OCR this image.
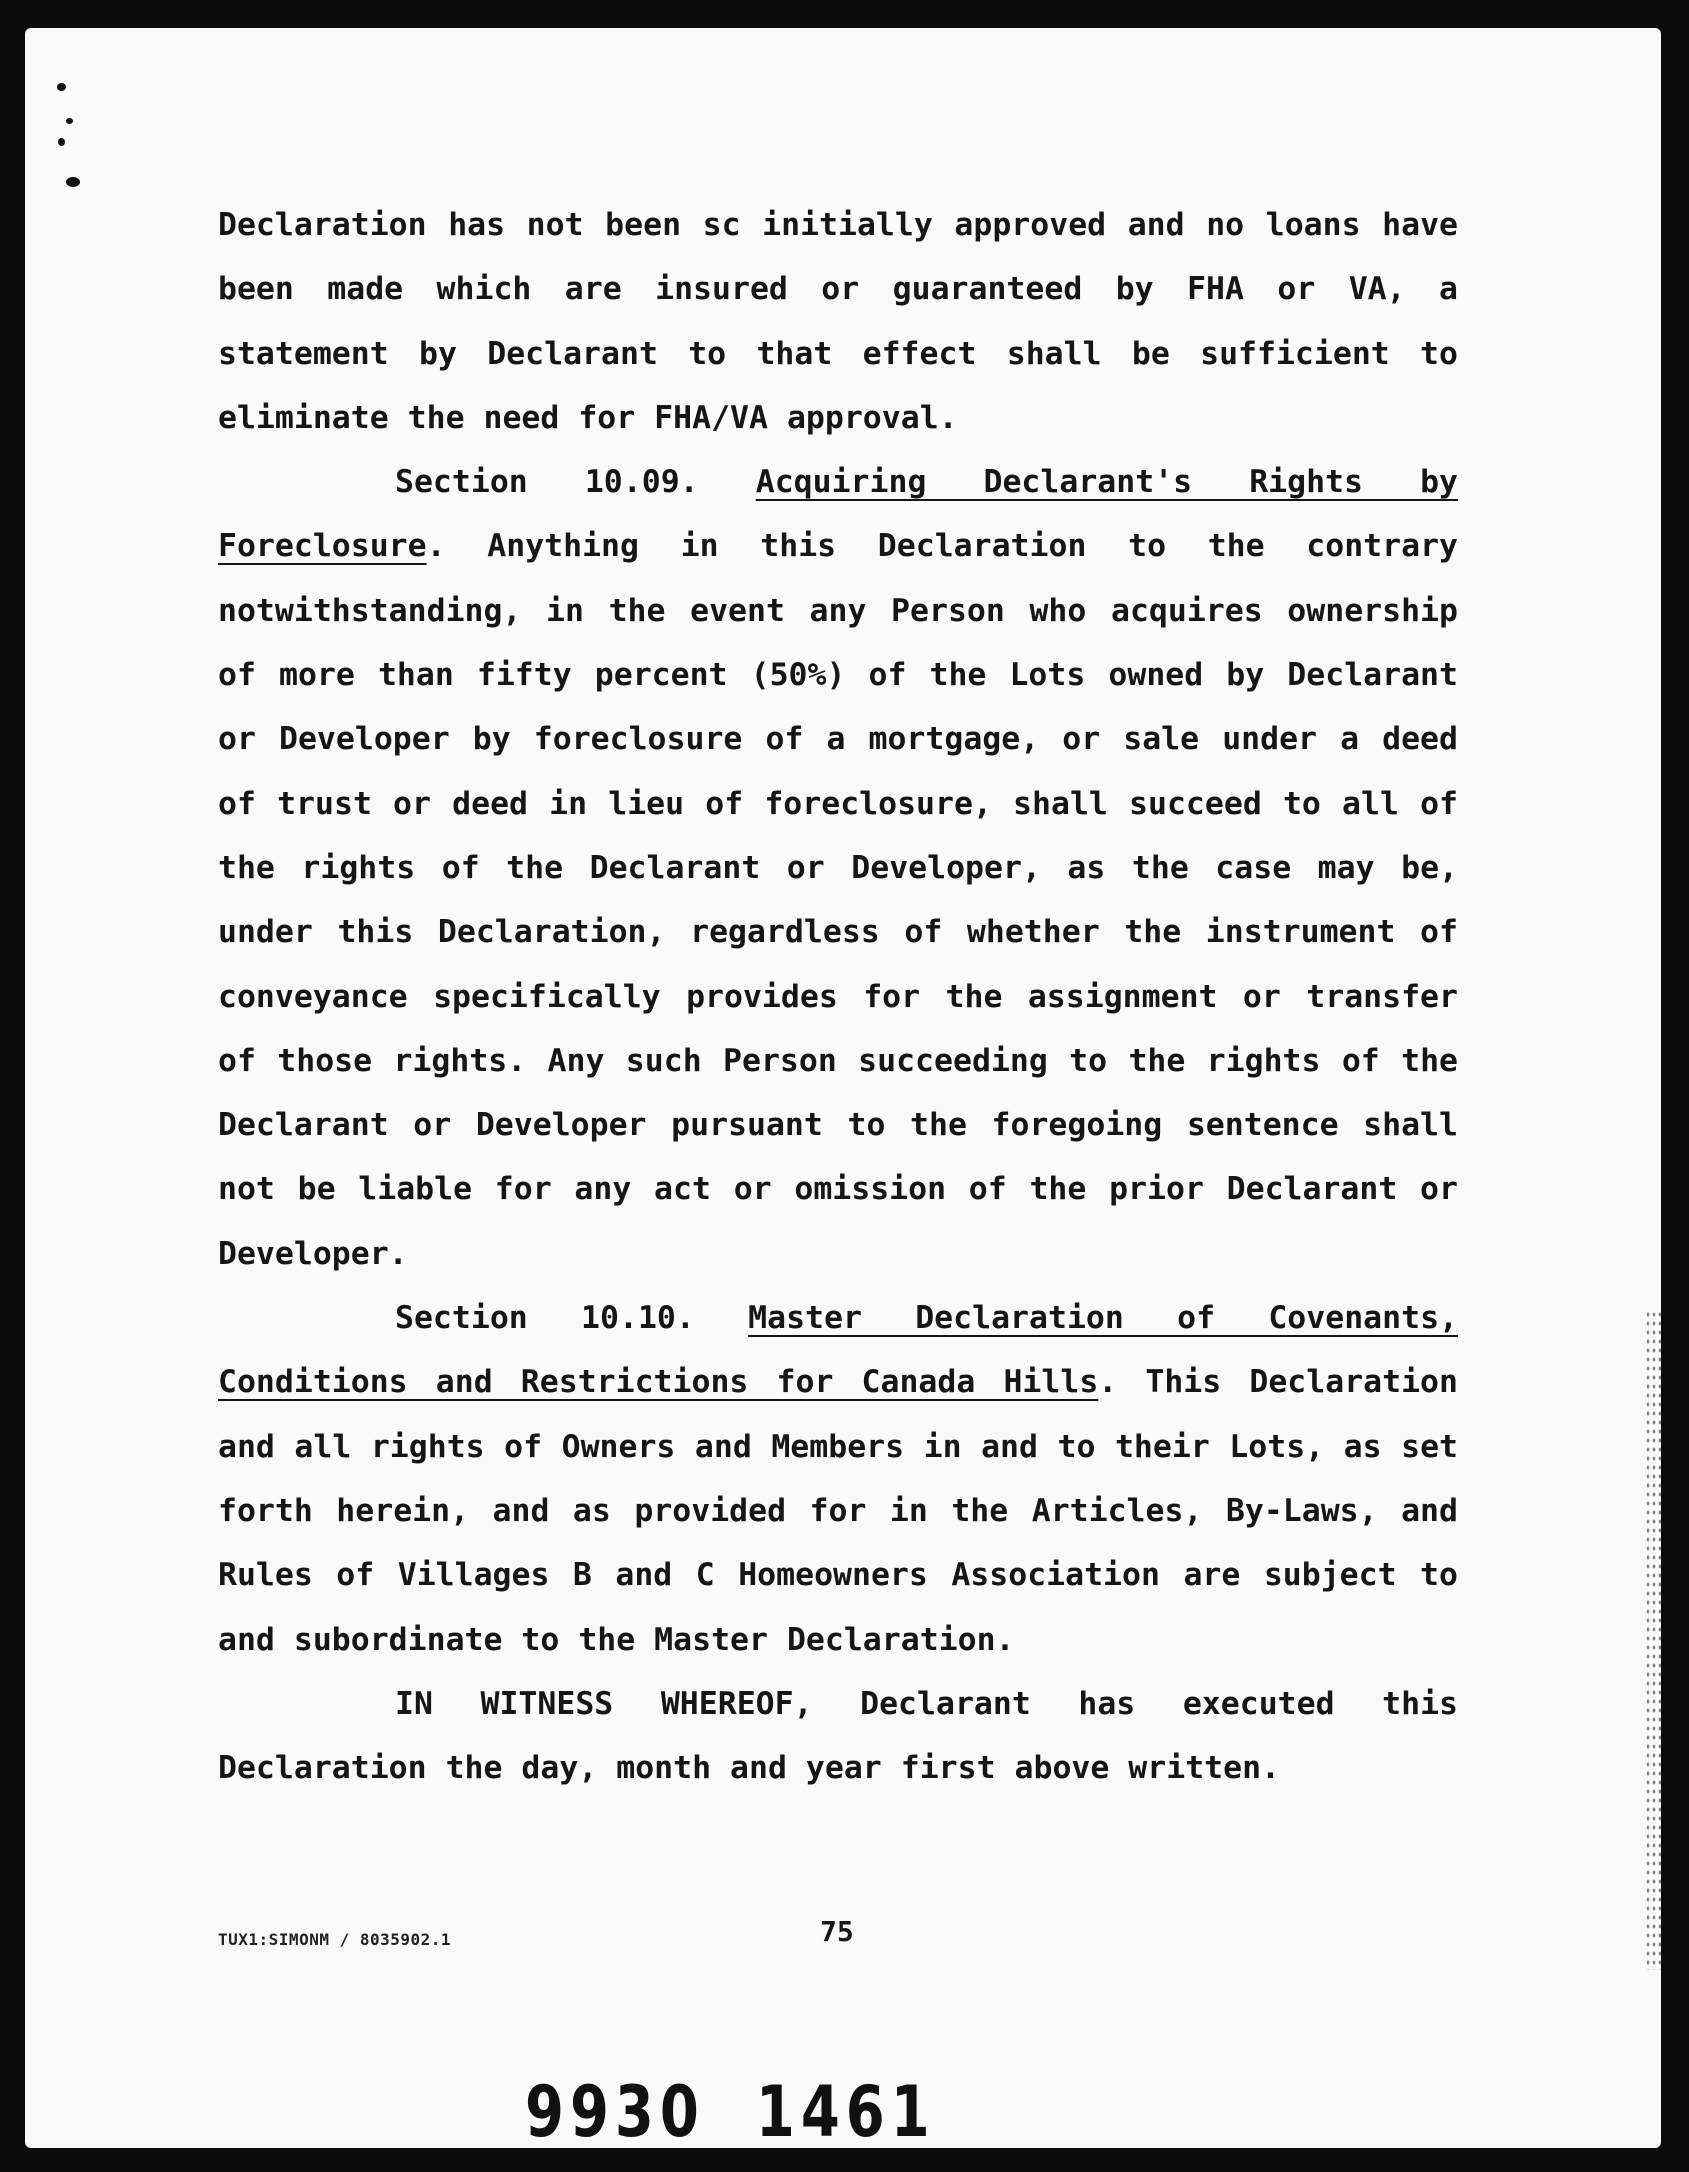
Declaration has not been sc initially approved and no loans have been made which are insured or guaranteed by FHA or VA, a statement by Declarant to that effect shall be sufficient to eliminate the need for FHA/VA approval.

Section 10.09. Acquiring Declarant's Rights by Foreclosure. Anything in this Declaration to the contrary notwithstanding, in the event any Person who acquires ownership of more than fifty percent (50%) of the Lots owned by Declarant or Developer by foreclosure of a mortgage, or sale under a deed of trust or deed in lieu of foreclosure, shall succeed to all of the rights of the Declarant or Developer, as the case may be, under this Declaration, regardless of whether the instrument of conveyance specifically provides for the assignment or transfer of those rights. Any such Person succeeding to the rights of the Declarant or Developer pursuant to the foregoing sentence shall not be liable for any act or omission of the prior Declarant or Developer.

Section 10.10. Master Declaration of Covenants, Conditions and Restrictions for Canada Hills. This Declaration and all rights of Owners and Members in and to their Lots, as set forth herein, and as provided for in the Articles, By-Laws, and Rules of Villages B and C Homeowners Association are subject to and subordinate to the Master Declaration.

IN WITNESS WHEREOF, Declarant has executed this Declaration the day, month and year first above written.

TUX1:SIMONM / 8035902.1	75
9930  1461
